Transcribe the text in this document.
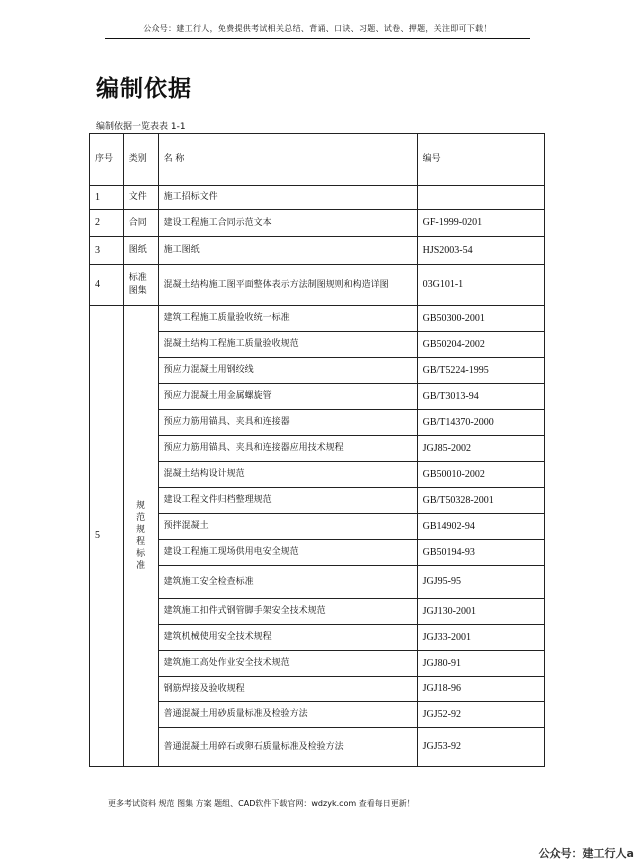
公众号：建工行人，免费提供考试相关总结、背诵、口诀、习题、试卷、押题，关注即可下载！
编制依据
编制依据一览表表 1-1
序号	类别	名 称	编号
1	文件	施工招标文件	
2	合同	建设工程施工合同示范文本	GF-1999-0201
3	图纸	施工图纸	HJS2003-54
4	标准图集	混凝土结构施工图平面整体表示方法制图规则和构造详图	03G101-1
5	规范规程标准	建筑工程施工质量验收统一标准	GB50300-2001
		混凝土结构工程施工质量验收规范	GB50204-2002
		预应力混凝土用钢绞线	GB/T5224-1995
		预应力混凝土用金属螺旋管	GB/T3013-94
		预应力筋用锚具、夹具和连接器	GB/T14370-2000
		预应力筋用锚具、夹具和连接器应用技术规程	JGJ85-2002
		混凝土结构设计规范	GB50010-2002
		建设工程文件归档整理规范	GB/T50328-2001
		预拌混凝土	GB14902-94
		建设工程施工现场供用电安全规范	GB50194-93
		建筑施工安全检查标准	JGJ95-95
		建筑施工扣件式钢管脚手架安全技术规范	JGJ130-2001
		建筑机械使用安全技术规程	JGJ33-2001
		建筑施工高处作业安全技术规范	JGJ80-91
		钢筋焊接及验收规程	JGJ18-96
		普通混凝土用砂质量标准及检验方法	JGJ52-92
		普通混凝土用碎石或卵石质量标准及检验方法	JGJ53-92
更多考试资料 规范 图集 方案 题组、CAD软件下载官网：wdzyk.com 查看每日更新！
公众号：建工行人a
